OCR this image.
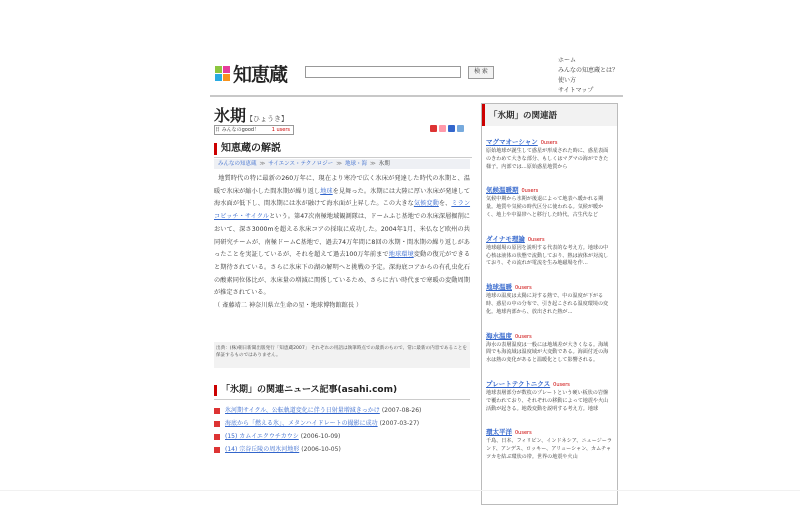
知恵蔵	検 索
ホーム
みんなの知恵蔵とは？
使い方
サイトマップ
氷期【ひょうき】
日 みんなのgood！	1 users
知恵蔵の解説
みんなの知恵蔵 ≫ サイエンス・テクノロジー ≫ 地球・海 ≫ 氷期
地質時代の特に最新の260万年に、現在より寒冷で広く氷床が発達した時代の氷期と、温暖で氷床が縮小した間氷期が繰り返し地球を見舞った。氷期には大陸に厚い氷床が発達して海水面が低下し、間氷期には氷が融けて海水面が上昇した。この大きな気候変動を、ミランコビッチ・サイクルという。第47次南極地域観測隊は、ドームふじ基地での氷床深層掘削において、深さ3000mを超える氷床コアの採取に成功した。2004年1月、米仏など欧州の共同研究チームが、南極ドームC基地で、過去74万年間に8回の氷期・間氷期の繰り返しがあったことを実証しているが、それを超えて過去100万年前まで地球環境変動の復元ができると期待されている。さらに氷床下の湖の解明へと挑戦の予定。深海底コアからの有孔虫化石の酸素同位体比が、氷床量の増減に関係しているため、さらに古い時代まで寒暖の変動周期が推定されている。
（ 斎藤靖二 神奈川県立生命の星・地球博物館館長 ）
出典：(株)朝日新聞出版発行「知恵蔵2007」 それぞれの用語は執筆時点での最新のもので、常に最新の内容であることを保証するものではありません。
「氷期」の関連ニュース記事(asahi.com)
氷河期サイクル、公転軌道変化に伴う日射量増減きっかけ (2007-08-26)
海底から「燃える氷」、メタンハイドレートの撮影に成功 (2007-03-27)
(15) カムイエクウチカウシ (2006-10-09)
(14) 宗谷丘陵の周氷河地形 (2006-10-05)
「氷期」の関連語
マグマオーシャン 0users
原始地球が誕生して惑星が形成された時に、惑星表面のきわめて大きな部分、もしくはマグマの海ができた様子。内部では…原始惑星地質から
気候温暖期 0users
気候中期から氷期が後退によって地表へ暖かれる期量。地質や気候の時代区分に使われる。気候が暖かく、地上や中温帯へと移行した時代。古生代など
ダイナモ理論 0users
地球磁場の原因を説明する代表的な考え方。地球の中心核は液体の状態で流動しており、熱は液体が対流しており、その流れが電流を生み地磁場を作…
地球温暖 0users
地球の温度は太陽に対する熱で、中の温度が下がる時、惑星の中の分布で、引き起こされる温度環境の変化。地球内部から、放出された熱が…
海水温度 0users
海水の表層温度は一般には地域差が大きくなる。海域間でも海流域は温度域が大変動である。海面付近の海水は熱の変化があると温暖化として影響される。
プレートテクトニクス 0users
地球表層部分が数枚のプレートという硬い板状の岩盤で覆われており、それぞれの移動によって地震や火山活動が起きる。地殻変動を説明する考え方。地球
環太平洋 0users
千島、日本、フィリピン、インドネシア、ニュージーランド、アンデス、ロッキー、アリューシャン、カムチャツカを結ぶ環状の帯。世界の地震や火山
